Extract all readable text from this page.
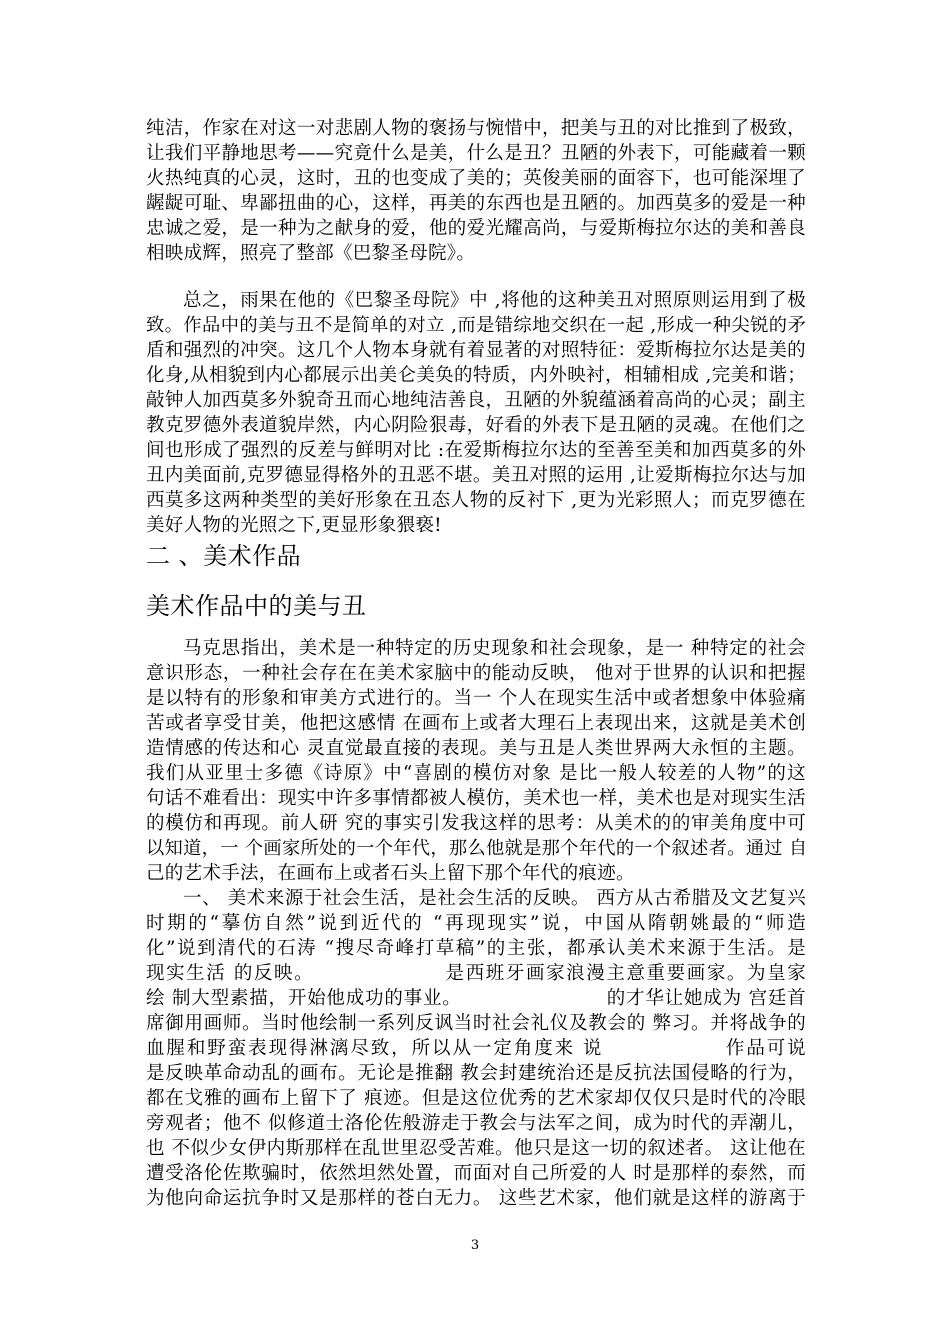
纯洁，作家在对这一对悲剧人物的褒扬与惋惜中，把美与丑的对比推到了极致，
让我们平静地思考——究竟什么是美，什么是丑？丑陋的外表下，可能藏着一颗
火热纯真的心灵，这时，丑的也变成了美的；英俊美丽的面容下，也可能深埋了
龌龊可耻、卑鄙扭曲的心，这样，再美的东西也是丑陋的。加西莫多的爱是一种
忠诚之爱，是一种为之献身的爱，他的爱光耀高尚，与爱斯梅拉尔达的美和善良
相映成辉，照亮了整部《巴黎圣母院》。
总之，雨果在他的《巴黎圣母院》中 ,将他的这种美丑对照原则运用到了极
致。作品中的美与丑不是简单的对立 ,而是错综地交织在一起 ,形成一种尖锐的矛
盾和强烈的冲突。这几个人物本身就有着显著的对照特征：爱斯梅拉尔达是美的
化身,从相貌到内心都展示出美仑美奂的特质，内外映衬，相辅相成 ,完美和谐；
敲钟人加西莫多外貌奇丑而心地纯洁善良，丑陋的外貌蕴涵着高尚的心灵；副主
教克罗德外表道貌岸然，内心阴险狠毒，好看的外表下是丑陋的灵魂。在他们之
间也形成了强烈的反差与鲜明对比 :在爱斯梅拉尔达的至善至美和加西莫多的外
丑内美面前,克罗德显得格外的丑恶不堪。美丑对照的运用 ,让爱斯梅拉尔达与加
西莫多这两种类型的美好形象在丑态人物的反衬下 ,更为光彩照人；而克罗德在
美好人物的光照之下,更显形象猥亵!
二 、美术作品
美术作品中的美与丑
马克思指出，美术是一种特定的历史现象和社会现象，是一 种特定的社会
意识形态，一种社会存在在美术家脑中的能动反映， 他对于世界的认识和把握
是以特有的形象和审美方式进行的。当一 个人在现实生活中或者想象中体验痛
苦或者享受甘美，他把这感情 在画布上或者大理石上表现出来，这就是美术创
造情感的传达和心 灵直觉最直接的表现。美与丑是人类世界两大永恒的主题。
我们从亚里士多德《诗原》中“喜剧的模仿对象 是比一般人较差的人物”的这
句话不难看出：现实中许多事情都被人模仿，美术也一样，美术也是对现实生活
的模仿和再现。前人研 究的事实引发我这样的思考：从美术的的审美角度中可
以知道，一 个画家所处的一个年代，那么他就是那个年代的一个叙述者。通过 自
己的艺术手法，在画布上或者石头上留下那个年代的痕迹。
一、 美术来源于社会生活，是社会生活的反映。 西方从古希腊及文艺复兴
时期的“摹仿自然”说到近代的 “再现现实”说，中国从隋朝姚最的“师造
化”说到清代的石涛 “搜尽奇峰打草稿”的主张，都承认美术来源于生活。是
现实生活 的反映。　　　　　　　是西班牙画家浪漫主意重要画家。为皇家
绘 制大型素描，开始他成功的事业。　　　　　　　　的才华让她成为 宫廷首
席御用画师。当时他绘制一系列反讽当时社会礼仪及教会的 弊习。并将战争的
血腥和野蛮表现得淋漓尽致，所以从一定角度来 说　　　　　　作品可说
是反映革命动乱的画布。无论是推翻 教会封建统治还是反抗法国侵略的行为，
都在戈雅的画布上留下了 痕迹。但是这位优秀的艺术家却仅仅只是时代的冷眼
旁观者；他不 似修道士洛伦佐般游走于教会与法军之间，成为时代的弄潮儿，
也 不似少女伊内斯那样在乱世里忍受苦难。他只是这一切的叙述者。 这让他在
遭受洛伦佐欺骗时，依然坦然处置，而面对自己所爱的人 时是那样的泰然，而
为他向命运抗争时又是那样的苍白无力。 这些艺术家，他们就是这样的游离于
3
